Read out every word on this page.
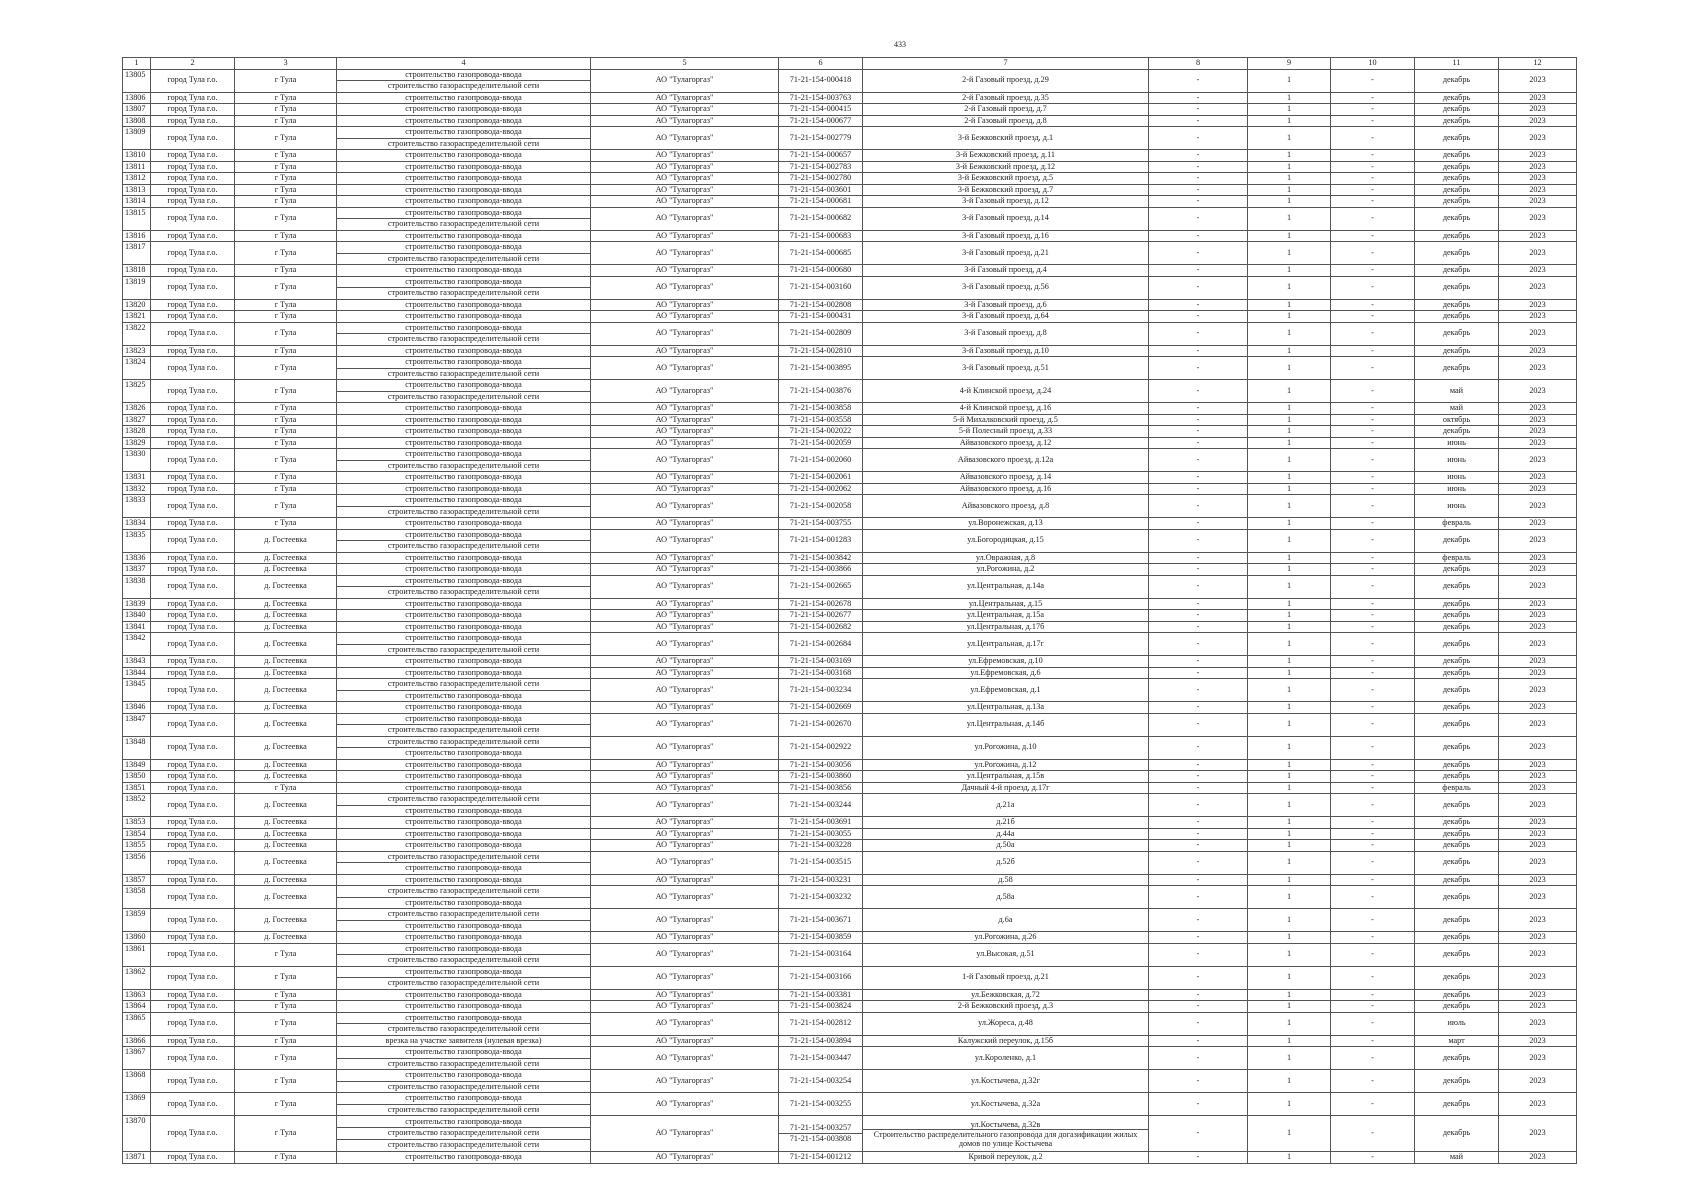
433
1	2	3	4	5	6	7	8	9	10	11	12
13805	город Тула г.о.	г Тула	строительство газопровода-ввода
строительство газораспределительной сети	АО "Тулагоргаз"	71-21-154-000418	2-й Газовый проезд, д.29	-	1	-	декабрь	2023
13806	город Тула г.о.	г Тула	строительство газопровода-ввода	АО "Тулагоргаз"	71-21-154-003763	2-й Газовый проезд, д.35	-	1	-	декабрь	2023
13807	город Тула г.о.	г Тула	строительство газопровода-ввода	АО "Тулагоргаз"	71-21-154-000415	2-й Газовый проезд, д.7	-	1	-	декабрь	2023
13808	город Тула г.о.	г Тула	строительство газопровода-ввода	АО "Тулагоргаз"	71-21-154-000677	2-й Газовый проезд, д.8	-	1	-	декабрь	2023
13809	город Тула г.о.	г Тула	строительство газопровода-ввода
строительство газораспределительной сети	АО "Тулагоргаз"	71-21-154-002779	3-й Бежковский проезд, д.1	-	1	-	декабрь	2023
13810	город Тула г.о.	г Тула	строительство газопровода-ввода	АО "Тулагоргаз"	71-21-154-000657	3-й Бежковский проезд, д.11	-	1	-	декабрь	2023
13811	город Тула г.о.	г Тула	строительство газопровода-ввода	АО "Тулагоргаз"	71-21-154-002783	3-й Бежковский проезд, д.12	-	1	-	декабрь	2023
13812	город Тула г.о.	г Тула	строительство газопровода-ввода	АО "Тулагоргаз"	71-21-154-002780	3-й Бежковский проезд, д.5	-	1	-	декабрь	2023
13813	город Тула г.о.	г Тула	строительство газопровода-ввода	АО "Тулагоргаз"	71-21-154-003601	3-й Бежковский проезд, д.7	-	1	-	декабрь	2023
13814	город Тула г.о.	г Тула	строительство газопровода-ввода	АО "Тулагоргаз"	71-21-154-000681	3-й Газовый проезд, д.12	-	1	-	декабрь	2023
13815	город Тула г.о.	г Тула	строительство газопровода-ввода
строительство газораспределительной сети	АО "Тулагоргаз"	71-21-154-000682	3-й Газовый проезд, д.14	-	1	-	декабрь	2023
13816	город Тула г.о.	г Тула	строительство газопровода-ввода	АО "Тулагоргаз"	71-21-154-000683	3-й Газовый проезд, д.16	-	1	-	декабрь	2023
13817	город Тула г.о.	г Тула	строительство газопровода-ввода
строительство газораспределительной сети	АО "Тулагоргаз"	71-21-154-000685	3-й Газовый проезд, д.21	-	1	-	декабрь	2023
13818	город Тула г.о.	г Тула	строительство газопровода-ввода	АО "Тулагоргаз"	71-21-154-000680	3-й Газовый проезд, д.4	-	1	-	декабрь	2023
13819	город Тула г.о.	г Тула	строительство газопровода-ввода
строительство газораспределительной сети	АО "Тулагоргаз"	71-21-154-003160	3-й Газовый проезд, д.56	-	1	-	декабрь	2023
13820	город Тула г.о.	г Тула	строительство газопровода-ввода	АО "Тулагоргаз"	71-21-154-002808	3-й Газовый проезд, д.6	-	1	-	декабрь	2023
13821	город Тула г.о.	г Тула	строительство газопровода-ввода	АО "Тулагоргаз"	71-21-154-000431	3-й Газовый проезд, д.64	-	1	-	декабрь	2023
13822	город Тула г.о.	г Тула	строительство газопровода-ввода
строительство газораспределительной сети	АО "Тулагоргаз"	71-21-154-002809	3-й Газовый проезд, д.8	-	1	-	декабрь	2023
13823	город Тула г.о.	г Тула	строительство газопровода-ввода	АО "Тулагоргаз"	71-21-154-002810	3-й Газовый проезд, д.10	-	1	-	декабрь	2023
13824	город Тула г.о.	г Тула	строительство газопровода-ввода
строительство газораспределительной сети	АО "Тулагоргаз"	71-21-154-003895	3-й Газовый проезд, д.51	-	1	-	декабрь	2023
13825	город Тула г.о.	г Тула	строительство газопровода-ввода
строительство газораспределительной сети	АО "Тулагоргаз"	71-21-154-003876	4-й Клинской проезд, д.24	-	1	-	май	2023
13826	город Тула г.о.	г Тула	строительство газопровода-ввода	АО "Тулагоргаз"	71-21-154-003858	4-й Клинской проезд, д.16	-	1	-	май	2023
13827	город Тула г.о.	г Тула	строительство газопровода-ввода	АО "Тулагоргаз"	71-21-154-003558	5-й Михалковский проезд, д.5	-	1	-	октябрь	2023
13828	город Тула г.о.	г Тула	строительство газопровода-ввода	АО "Тулагоргаз"	71-21-154-002022	5-й Полесный проезд, д.33	-	1	-	декабрь	2023
13829	город Тула г.о.	г Тула	строительство газопровода-ввода	АО "Тулагоргаз"	71-21-154-002059	Айвазовского проезд, д.12	-	1	-	июнь	2023
13830	город Тула г.о.	г Тула	строительство газопровода-ввода
строительство газораспределительной сети	АО "Тулагоргаз"	71-21-154-002060	Айвазовского проезд, д.12а	-	1	-	июнь	2023
13831	город Тула г.о.	г Тула	строительство газопровода-ввода	АО "Тулагоргаз"	71-21-154-002061	Айвазовского проезд, д.14	-	1	-	июнь	2023
13832	город Тула г.о.	г Тула	строительство газопровода-ввода	АО "Тулагоргаз"	71-21-154-002062	Айвазовского проезд, д.16	-	1	-	июнь	2023
13833	город Тула г.о.	г Тула	строительство газопровода-ввода
строительство газораспределительной сети	АО "Тулагоргаз"	71-21-154-002058	Айвазовского проезд, д.8	-	1	-	июнь	2023
13834	город Тула г.о.	г Тула	строительство газопровода-ввода	АО "Тулагоргаз"	71-21-154-003755	ул.Воронежская, д.13	-	1	-	февраль	2023
13835	город Тула г.о.	д. Гостеевка	строительство газопровода-ввода
строительство газораспределительной сети	АО "Тулагоргаз"	71-21-154-001283	ул.Богородицкая, д.15	-	1	-	декабрь	2023
13836	город Тула г.о.	д. Гостеевка	строительство газопровода-ввода	АО "Тулагоргаз"	71-21-154-003842	ул.Овражная, д.8	-	1	-	февраль	2023
13837	город Тула г.о.	д. Гостеевка	строительство газопровода-ввода	АО "Тулагоргаз"	71-21-154-003866	ул.Рогожина, д.2	-	1	-	декабрь	2023
13838	город Тула г.о.	д. Гостеевка	строительство газопровода-ввода
строительство газораспределительной сети	АО "Тулагоргаз"	71-21-154-002665	ул.Центральная, д.14а	-	1	-	декабрь	2023
13839	город Тула г.о.	д. Гостеевка	строительство газопровода-ввода	АО "Тулагоргаз"	71-21-154-002678	ул.Центральная, д.15	-	1	-	декабрь	2023
13840	город Тула г.о.	д. Гостеевка	строительство газопровода-ввода	АО "Тулагоргаз"	71-21-154-002677	ул.Центральная, д.15а	-	1	-	декабрь	2023
13841	город Тула г.о.	д. Гостеевка	строительство газопровода-ввода	АО "Тулагоргаз"	71-21-154-002682	ул.Центральная, д.17б	-	1	-	декабрь	2023
13842	город Тула г.о.	д. Гостеевка	строительство газопровода-ввода
строительство газораспределительной сети	АО "Тулагоргаз"	71-21-154-002684	ул.Центральная, д.17г	-	1	-	декабрь	2023
13843	город Тула г.о.	д. Гостеевка	строительство газопровода-ввода	АО "Тулагоргаз"	71-21-154-003169	ул.Ефремовская, д.10	-	1	-	декабрь	2023
13844	город Тула г.о.	д. Гостеевка	строительство газопровода-ввода	АО "Тулагоргаз"	71-21-154-003168	ул.Ефремовская, д.6	-	1	-	декабрь	2023
13845	город Тула г.о.	д. Гостеевка	строительство газораспределительной сети
строительство газопровода-ввода	АО "Тулагоргаз"	71-21-154-003234	ул.Ефремовская, д.1	-	1	-	декабрь	2023
13846	город Тула г.о.	д. Гостеевка	строительство газопровода-ввода	АО "Тулагоргаз"	71-21-154-002669	ул.Центральная, д.13а	-	1	-	декабрь	2023
13847	город Тула г.о.	д. Гостеевка	строительство газопровода-ввода
строительство газораспределительной сети	АО "Тулагоргаз"	71-21-154-002670	ул.Центральная, д.14б	-	1	-	декабрь	2023
13848	город Тула г.о.	д. Гостеевка	строительство газораспределительной сети
строительство газопровода-ввода	АО "Тулагоргаз"	71-21-154-002922	ул.Рогожина, д.10	-	1	-	декабрь	2023
13849	город Тула г.о.	д. Гостеевка	строительство газопровода-ввода	АО "Тулагоргаз"	71-21-154-003056	ул.Рогожина, д.12	-	1	-	декабрь	2023
13850	город Тула г.о.	д. Гостеевка	строительство газопровода-ввода	АО "Тулагоргаз"	71-21-154-003860	ул.Центральная, д.15в	-	1	-	декабрь	2023
13851	город Тула г.о.	г Тула	строительство газопровода-ввода	АО "Тулагоргаз"	71-21-154-003856	Дачный 4-й проезд, д.17г	-	1	-	февраль	2023
13852	город Тула г.о.	д. Гостеевка	строительство газораспределительной сети
строительство газопровода-ввода	АО "Тулагоргаз"	71-21-154-003244	д.21а	-	1	-	декабрь	2023
13853	город Тула г.о.	д. Гостеевка	строительство газопровода-ввода	АО "Тулагоргаз"	71-21-154-003691	д.21б	-	1	-	декабрь	2023
13854	город Тула г.о.	д. Гостеевка	строительство газопровода-ввода	АО "Тулагоргаз"	71-21-154-003055	д.44а	-	1	-	декабрь	2023
13855	город Тула г.о.	д. Гостеевка	строительство газопровода-ввода	АО "Тулагоргаз"	71-21-154-003228	д.50а	-	1	-	декабрь	2023
13856	город Тула г.о.	д. Гостеевка	строительство газораспределительной сети
строительство газопровода-ввода	АО "Тулагоргаз"	71-21-154-003515	д.52б	-	1	-	декабрь	2023
13857	город Тула г.о.	д. Гостеевка	строительство газопровода-ввода	АО "Тулагоргаз"	71-21-154-003231	д.58	-	1	-	декабрь	2023
13858	город Тула г.о.	д. Гостеевка	строительство газораспределительной сети
строительство газопровода-ввода	АО "Тулагоргаз"	71-21-154-003232	д.58а	-	1	-	декабрь	2023
13859	город Тула г.о.	д. Гостеевка	строительство газораспределительной сети
строительство газопровода-ввода	АО "Тулагоргаз"	71-21-154-003671	д.6а	-	1	-	декабрь	2023
13860	город Тула г.о.	д. Гостеевка	строительство газопровода-ввода	АО "Тулагоргаз"	71-21-154-003859	ул.Рогожина, д.26	-	1	-	декабрь	2023
13861	город Тула г.о.	г Тула	строительство газопровода-ввода
строительство газораспределительной сети	АО "Тулагоргаз"	71-21-154-003164	ул.Высокая, д.51	-	1	-	декабрь	2023
13862	город Тула г.о.	г Тула	строительство газопровода-ввода
строительство газораспределительной сети	АО "Тулагоргаз"	71-21-154-003166	1-й Газовый проезд, д.21	-	1	-	декабрь	2023
13863	город Тула г.о.	г Тула	строительство газопровода-ввода	АО "Тулагоргаз"	71-21-154-003381	ул.Бежковская, д.72	-	1	-	декабрь	2023
13864	город Тула г.о.	г Тула	строительство газопровода-ввода	АО "Тулагоргаз"	71-21-154-003824	2-й Бежковский проезд, д.3	-	1	-	декабрь	2023
13865	город Тула г.о.	г Тула	строительство газопровода-ввода
строительство газораспределительной сети	АО "Тулагоргаз"	71-21-154-002812	ул.Жореса, д.48	-	1	-	июль	2023
13866	город Тула г.о.	г Тула	врезка на участке заявителя (нулевая врезка)	АО "Тулагоргаз"	71-21-154-003894	Калужский переулок, д.15б	-	1	-	март	2023
13867	город Тула г.о.	г Тула	строительство газопровода-ввода
строительство газораспределительной сети	АО "Тулагоргаз"	71-21-154-003447	ул.Короленко, д.1	-	1	-	декабрь	2023
13868	город Тула г.о.	г Тула	строительство газопровода-ввода
строительство газораспределительной сети	АО "Тулагоргаз"	71-21-154-003254	ул.Костычева, д.32г	-	1	-	декабрь	2023
13869	город Тула г.о.	г Тула	строительство газопровода-ввода
строительство газораспределительной сети	АО "Тулагоргаз"	71-21-154-003255	ул.Костычева, д.32а	-	1	-	декабрь	2023
13870	город Тула г.о.	г Тула	строительство газопровода-ввода
строительство газораспределительной сети
строительство газораспределительной сети	АО "Тулагоргаз"	71-21-154-003257
71-21-154-003808	ул.Костычева, д.32в
Строительство распределительного газопровода для догазификации жилых домов по улице Костычева	-	1	-	декабрь	2023
13871	город Тула г.о.	г Тула	строительство газопровода-ввода	АО "Тулагоргаз"	71-21-154-001212	Кривой переулок, д.2	-	1	-	май	2023
